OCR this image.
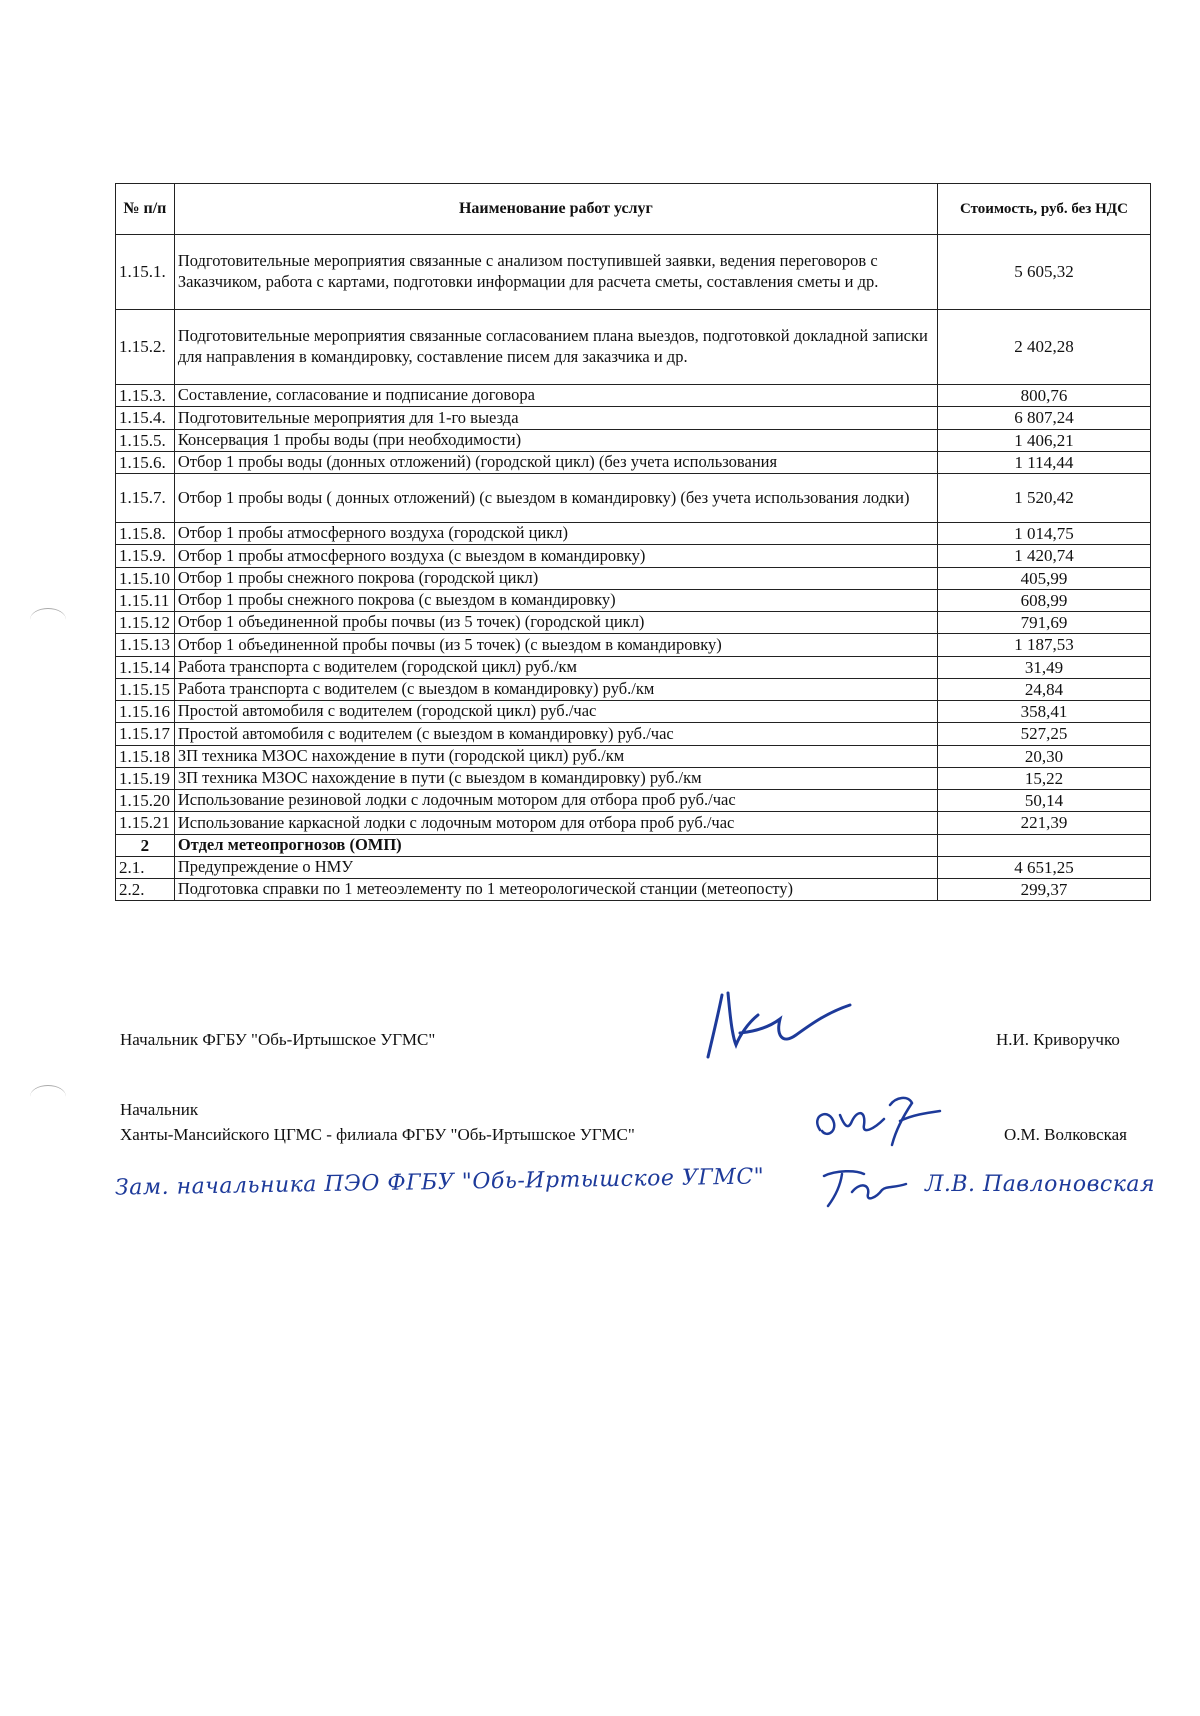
№ п/п	Наименование работ услуг	Стоимость, руб. без НДС
1.15.1.	Подготовительные мероприятия связанные с анализом поступившей заявки, ведения переговоров с Заказчиком, работа с картами, подготовки информации для расчета сметы, составления сметы и др.	5 605,32
1.15.2.	Подготовительные мероприятия связанные согласованием плана выездов, подготовкой докладной записки для направления в командировку, составление писем для заказчика и др.	2 402,28
1.15.3.	Составление, согласование и подписание договора	800,76
1.15.4.	Подготовительные мероприятия для 1-го выезда	6 807,24
1.15.5.	Консервация 1 пробы воды (при необходимости)	1 406,21
1.15.6.	Отбор 1 пробы воды (донных отложений) (городской цикл) (без учета использования	1 114,44
1.15.7.	Отбор 1 пробы воды ( донных отложений) (с выездом в командировку) (без учета использования лодки)	1 520,42
1.15.8.	Отбор 1 пробы атмосферного воздуха (городской цикл)	1 014,75
1.15.9.	Отбор 1 пробы атмосферного воздуха (с выездом в командировку)	1 420,74
1.15.10	Отбор 1 пробы снежного покрова (городской цикл)	405,99
1.15.11	Отбор 1 пробы снежного покрова (с выездом в командировку)	608,99
1.15.12	Отбор 1 объединенной пробы почвы (из 5 точек) (городской цикл)	791,69
1.15.13	Отбор 1 объединенной пробы почвы (из 5 точек) (с выездом в командировку)	1 187,53
1.15.14	Работа транспорта с водителем (городской цикл) руб./км	31,49
1.15.15	Работа транспорта с водителем (с выездом в командировку) руб./км	24,84
1.15.16	Простой автомобиля с водителем (городской цикл) руб./час	358,41
1.15.17	Простой автомобиля с водителем (с выездом в командировку) руб./час	527,25
1.15.18	ЗП техника МЗОС нахождение в пути (городской цикл) руб./км	20,30
1.15.19	ЗП техника МЗОС нахождение в пути (с выездом в командировку) руб./км	15,22
1.15.20	Использование резиновой лодки с лодочным мотором для отбора проб руб./час	50,14
1.15.21	Использование каркасной лодки с лодочным мотором для отбора проб руб./час	221,39
2	Отдел метеопрогнозов (ОМП)	
2.1.	Предупреждение о НМУ	4 651,25
2.2.	Подготовка справки по 1 метеоэлементу по 1 метеорологической станции (метеопосту)	299,37
Начальник ФГБУ "Обь-Иртышское УГМС"	Н.И. Криворучко
Начальник
Ханты-Мансийского ЦГМС - филиала ФГБУ "Обь-Иртышское УГМС"	О.М. Волковская
Зам. начальника ПЭО ФГБУ "Обь-Иртышское УГМС"	Л.В. Павлоновская
